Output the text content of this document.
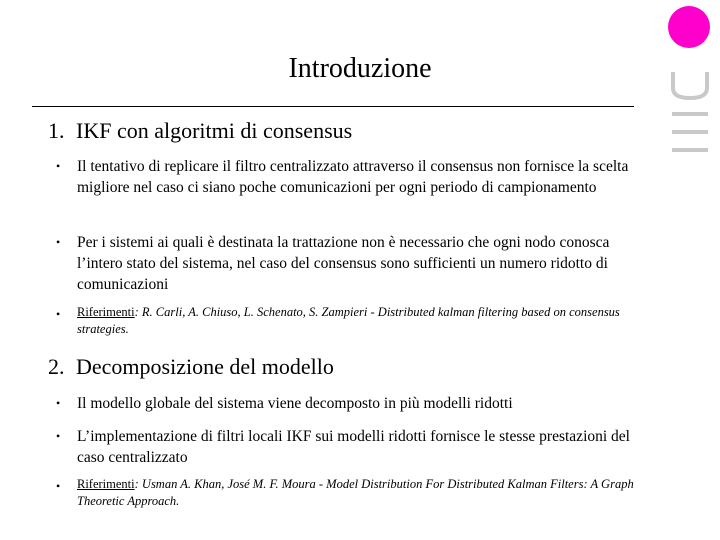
Introduzione
1. IKF con algoritmi di consensus
• Il tentativo di replicare il filtro centralizzato attraverso il consensus non fornisce la scelta migliore nel caso ci siano poche comunicazioni per ogni periodo di campionamento
• Per i sistemi ai quali è destinata la trattazione non è necessario che ogni nodo conosca l’intero stato del sistema, nel caso del consensus sono sufficienti un numero ridotto di comunicazioni
• Riferimenti: R. Carli, A. Chiuso, L. Schenato, S. Zampieri - Distributed kalman filtering based on consensus strategies.
2. Decomposizione del modello
• Il modello globale del sistema viene decomposto in più modelli ridotti
• L’implementazione di filtri locali IKF sui modelli ridotti fornisce le stesse prestazioni del caso centralizzato
• Riferimenti: Usman A. Khan, José M. F. Moura - Model Distribution For Distributed Kalman Filters: A Graph Theoretic Approach.
